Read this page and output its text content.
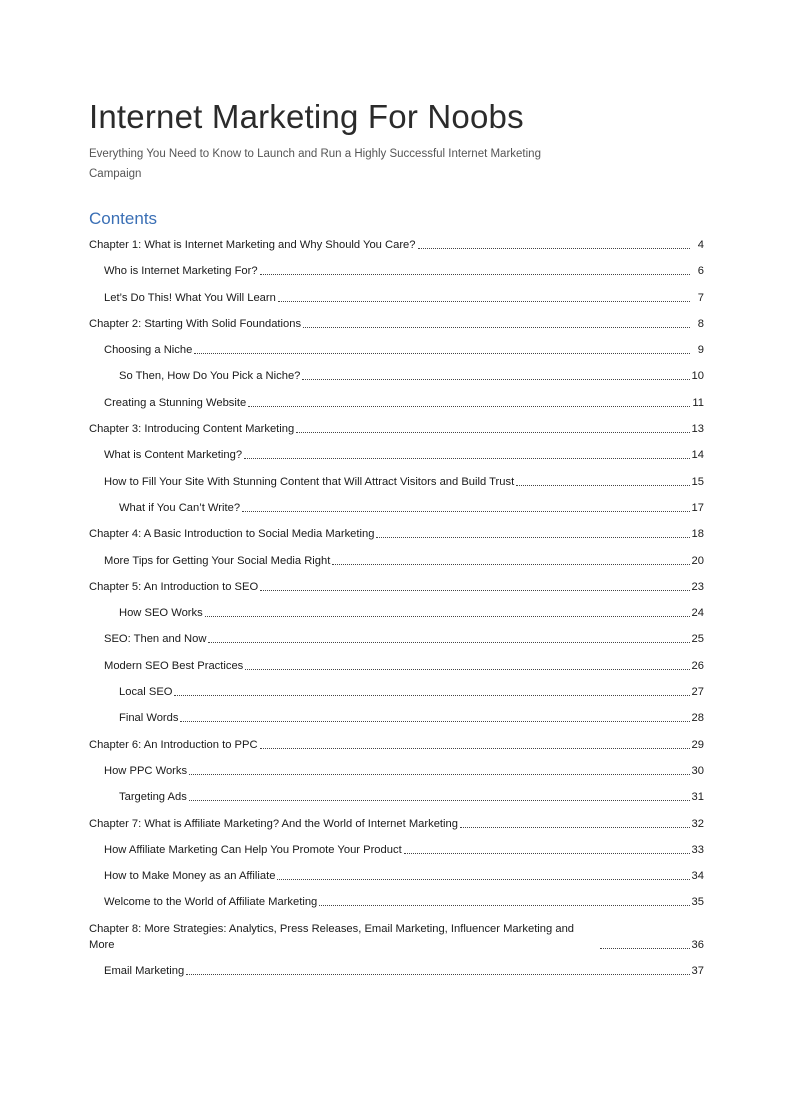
Internet Marketing For Noobs
Everything You Need to Know to Launch and Run a Highly Successful Internet Marketing Campaign
Contents
Chapter 1: What is Internet Marketing and Why Should You Care?	4
Who is Internet Marketing For?	6
Let’s Do This! What You Will Learn	7
Chapter 2: Starting With Solid Foundations	8
Choosing a Niche	9
So Then, How Do You Pick a Niche?	10
Creating a Stunning Website	11
Chapter 3: Introducing Content Marketing	13
What is Content Marketing?	14
How to Fill Your Site With Stunning Content that Will Attract Visitors and Build Trust	15
What if You Can’t Write?	17
Chapter 4: A Basic Introduction to Social Media Marketing	18
More Tips for Getting Your Social Media Right	20
Chapter 5: An Introduction to SEO	23
How SEO Works	24
SEO: Then and Now	25
Modern SEO Best Practices	26
Local SEO	27
Final Words	28
Chapter 6: An Introduction to PPC	29
How PPC Works	30
Targeting Ads	31
Chapter 7: What is Affiliate Marketing? And the World of Internet Marketing	32
How Affiliate Marketing Can Help You Promote Your Product	33
How to Make Money as an Affiliate	34
Welcome to the World of Affiliate Marketing	35
Chapter 8: More Strategies: Analytics, Press Releases, Email Marketing, Influencer Marketing and More	36
Email Marketing	37
